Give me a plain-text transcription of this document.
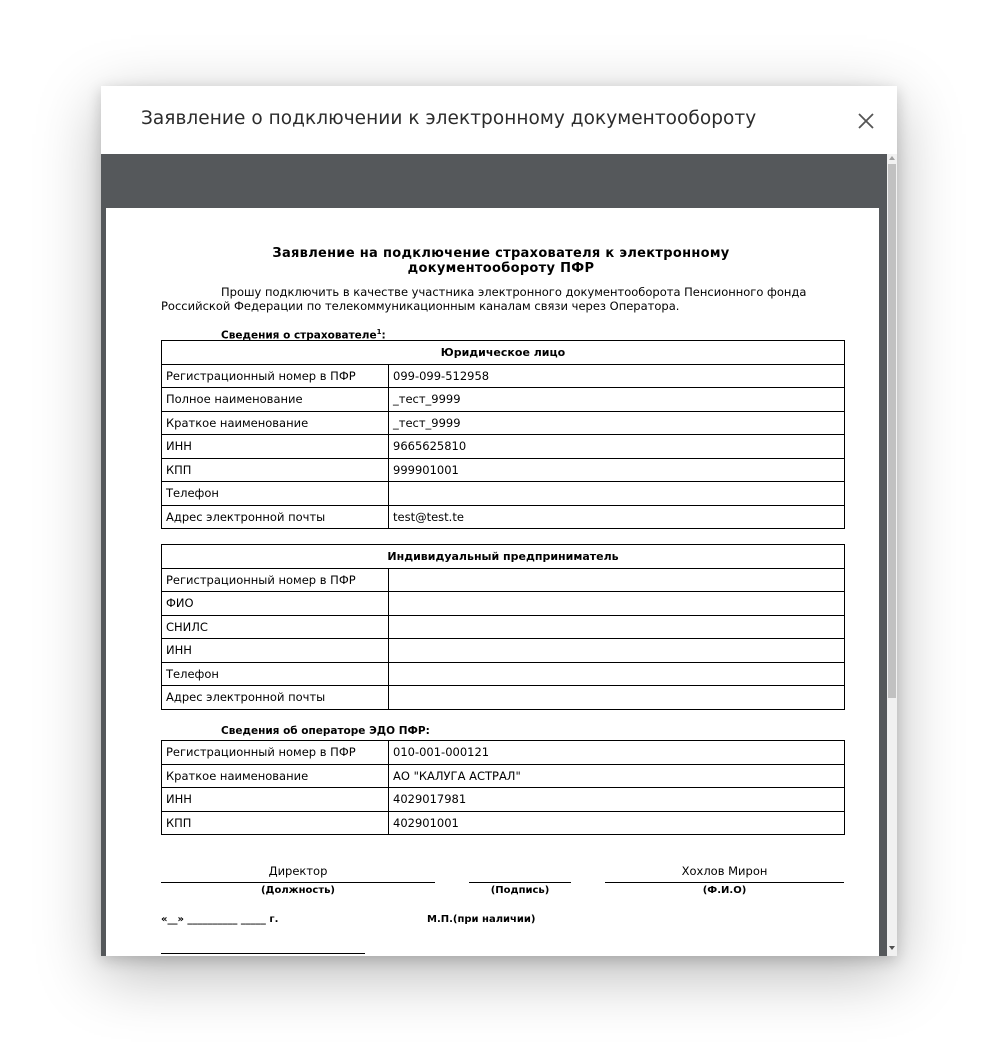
Заявление о подключении к электронному документообороту
Заявление на подключение страхователя к электронному
документообороту ПФР
Прошу подключить в качестве участника электронного документооборота Пенсионного фонда
Российской Федерации по телекоммуникационным каналам связи через Оператора.
Сведения о страхователе$^1$:
Юридическое лицо	
Регистрационный номер в ПФР	099-099-512958
Полное наименование	_тест_9999
Краткое наименование	_тест_9999
ИНН	9665625810
КПП	999901001
Телефон	
Адрес электронной почты	test@test.te
Индивидуальный предприниматель	
Регистрационный номер в ПФР	
ФИО	
СНИЛС	
ИНН	
Телефон	
Адрес электронной почты	
Сведения об операторе ЭДО ПФР:
Регистрационный номер в ПФР	010-001-000121
Краткое наименование	АО "КАЛУГА АСТРАЛ"
ИНН	4029017981
КПП	402901001
Директор
(Должность)	(Подпись)
Хохлов Мирон
(Ф.И.О)
«__» __________ _____ г.	М.П.(при наличии)
